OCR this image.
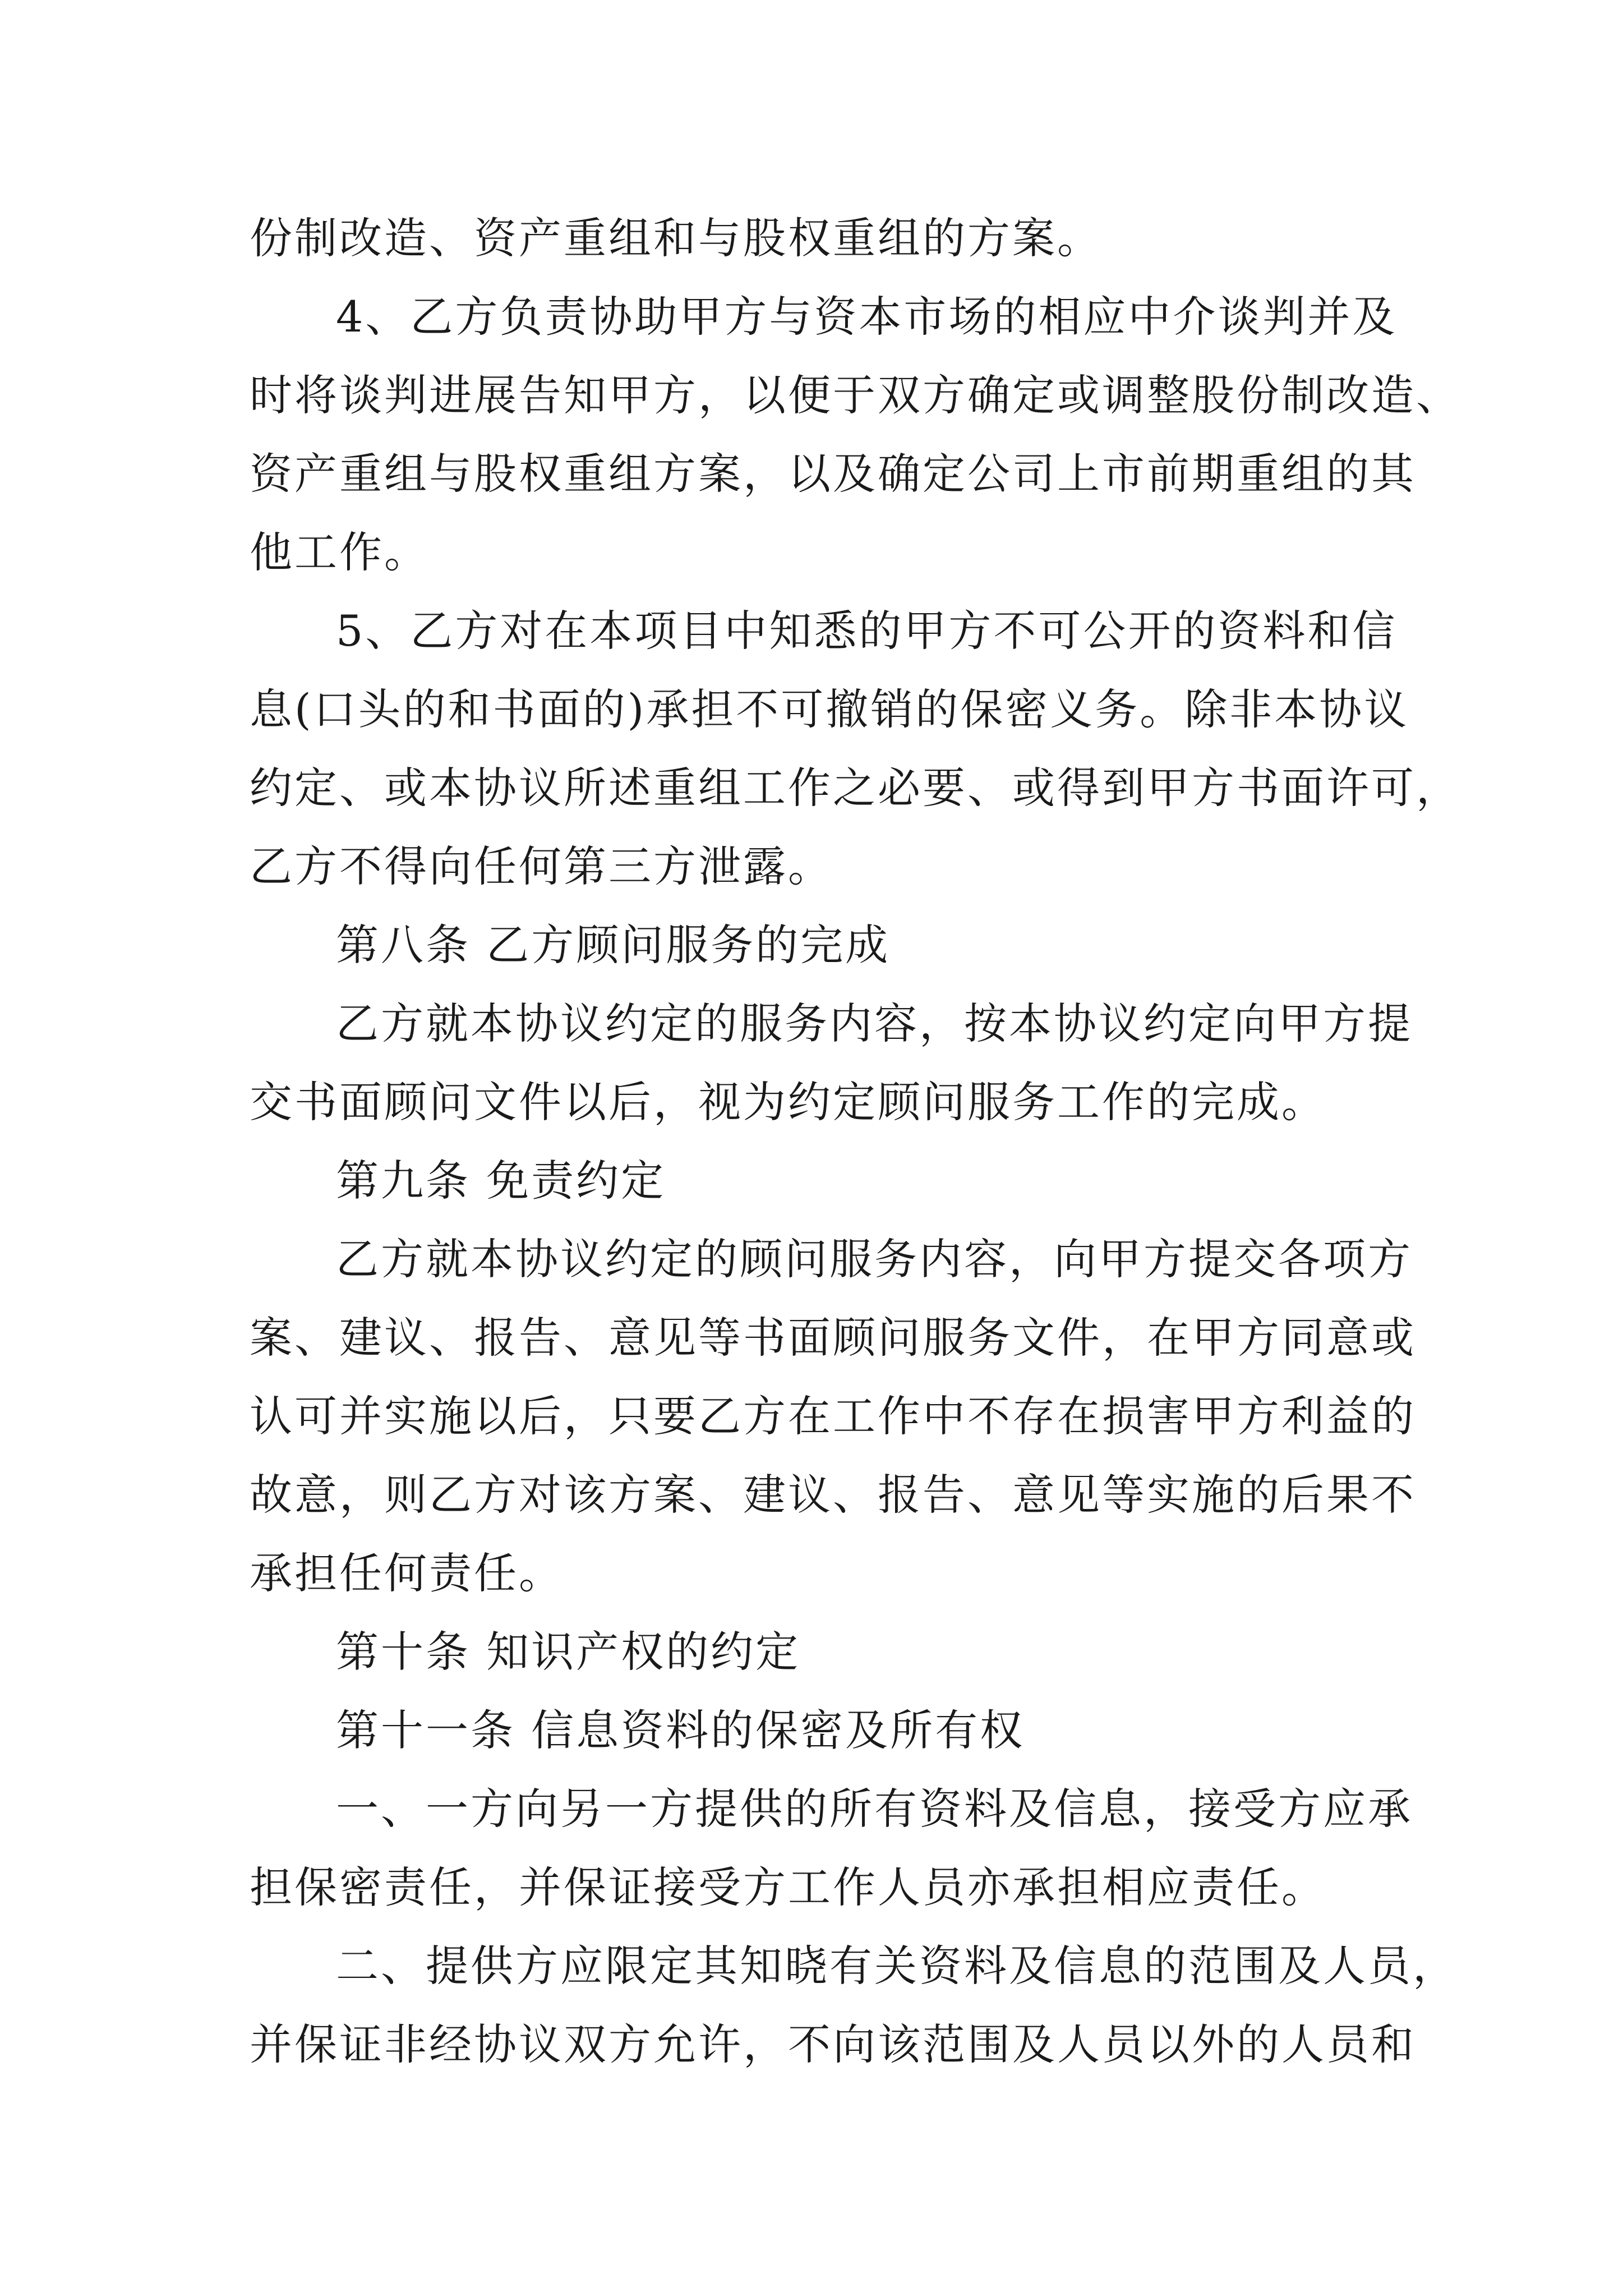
份制改造、资产重组和与股权重组的方案。
4、乙方负责协助甲方与资本市场的相应中介谈判并及
时将谈判进展告知甲方，以便于双方确定或调整股份制改造、
资产重组与股权重组方案，以及确定公司上市前期重组的其
他工作。
5、乙方对在本项目中知悉的甲方不可公开的资料和信
息(口头的和书面的)承担不可撤销的保密义务。除非本协议
约定、或本协议所述重组工作之必要、或得到甲方书面许可，
乙方不得向任何第三方泄露。
第八条 乙方顾问服务的完成
乙方就本协议约定的服务内容，按本协议约定向甲方提
交书面顾问文件以后，视为约定顾问服务工作的完成。
第九条 免责约定
乙方就本协议约定的顾问服务内容，向甲方提交各项方
案、建议、报告、意见等书面顾问服务文件，在甲方同意或
认可并实施以后，只要乙方在工作中不存在损害甲方利益的
故意，则乙方对该方案、建议、报告、意见等实施的后果不
承担任何责任。
第十条 知识产权的约定
第十一条 信息资料的保密及所有权
一、一方向另一方提供的所有资料及信息，接受方应承
担保密责任，并保证接受方工作人员亦承担相应责任。
二、提供方应限定其知晓有关资料及信息的范围及人员，
并保证非经协议双方允许，不向该范围及人员以外的人员和
